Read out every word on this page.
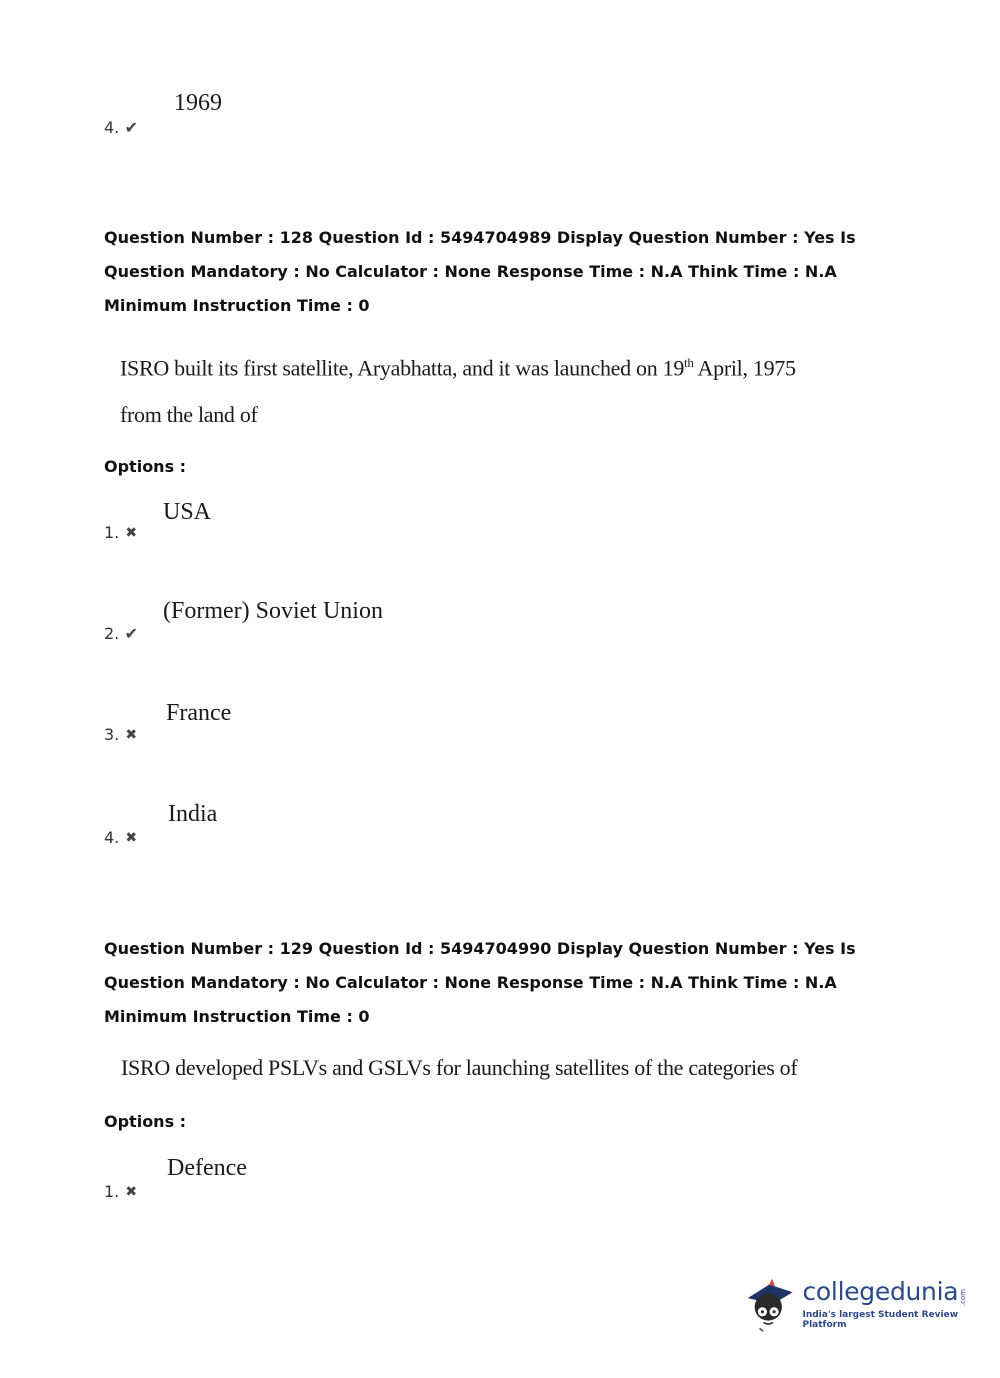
1969
4. ✔
Question Number : 128 Question Id : 5494704989 Display Question Number : Yes Is Question Mandatory : No Calculator : None Response Time : N.A Think Time : N.A Minimum Instruction Time : 0
ISRO built its first satellite, Aryabhatta, and it was launched on 19th April, 1975
from the land of
Options :
USA
1. ✖
(Former) Soviet Union
2. ✔
France
3. ✖
India
4. ✖
Question Number : 129 Question Id : 5494704990 Display Question Number : Yes Is Question Mandatory : No Calculator : None Response Time : N.A Think Time : N.A Minimum Instruction Time : 0
ISRO developed PSLVs and GSLVs for launching satellites of the categories of
Options :
Defence
1. ✖
collegedunia .com
India's largest Student Review Platform
